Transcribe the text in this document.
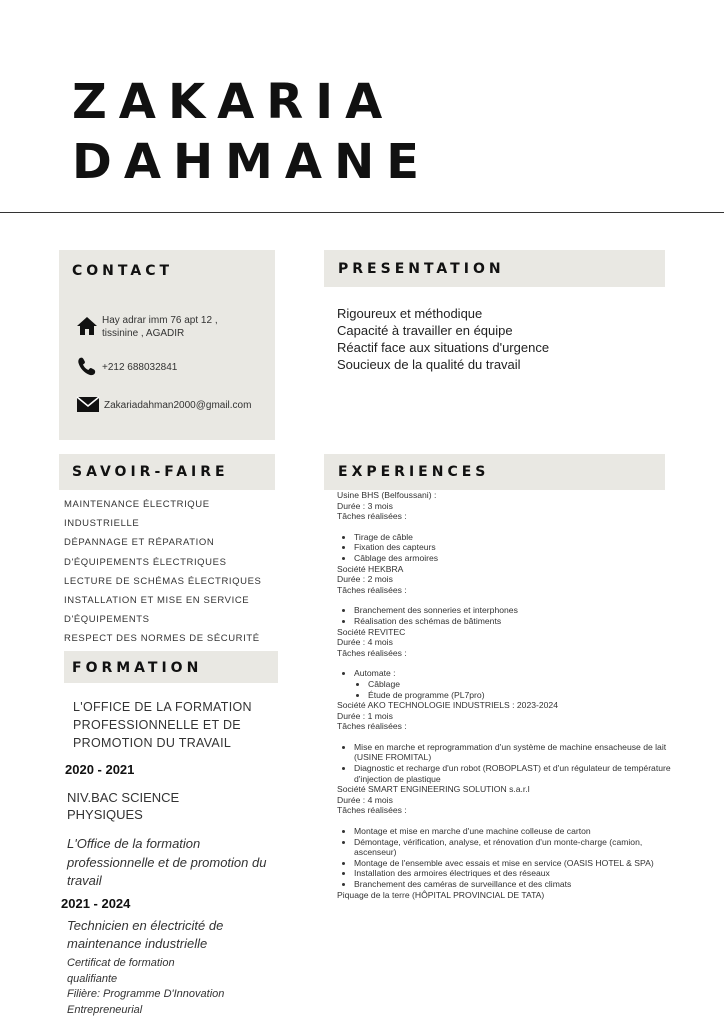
ZAKARIA DAHMANE
CONTACT
Hay adrar imm 76 apt 12 ,
tissinine , AGADIR
+212 688032841
Zakariadahman2000@gmail.com
PRESENTATION
Rigoureux et méthodique
Capacité à travailler en équipe
Réactif face aux situations d'urgence
Soucieux de la qualité du travail
SAVOIR-FAIRE
MAINTENANCE ÉLECTRIQUE
INDUSTRIELLE
DÉPANNAGE ET RÉPARATION
D'ÉQUIPEMENTS ÉLECTRIQUES
LECTURE DE SCHÉMAS ÉLECTRIQUES
INSTALLATION ET MISE EN SERVICE
D'ÉQUIPEMENTS
RESPECT DES NORMES DE SÉCURITÉ
FORMATION
L'OFFICE DE LA FORMATION
PROFESSIONNELLE ET DE
PROMOTION DU TRAVAIL
2020 - 2021
NIV.BAC SCIENCE
PHYSIQUES
L'Office de la formation
professionnelle et de promotion du
travail
2021 - 2024
Technicien en électricité de
maintenance industrielle
Certificat de formation
qualifiante
Filière: Programme D'Innovation
Entrepreneurial
EXPERIENCES
Usine BHS (Belfoussani) :
Durée : 3 mois
Tâches réalisées :
• Tirage de câble
• Fixation des capteurs
• Câblage des armoires
Société HEKBRA
Durée : 2 mois
Tâches réalisées :
• Branchement des sonneries et interphones
• Réalisation des schémas de bâtiments
Société REVITEC
Durée : 4 mois
Tâches réalisées :
• Automate :
• Câblage
• Étude de programme (PL7pro)
Société AKO TECHNOLOGIE INDUSTRIELS : 2023-2024
Durée : 1 mois
Tâches réalisées :
• Mise en marche et reprogrammation d'un système de machine ensacheuse de lait (USINE FROMITAL)
• Diagnostic et recharge d'un robot (ROBOPLAST) et d'un régulateur de température d'injection de plastique
Société SMART ENGINEERING SOLUTION s.a.r.l
Durée : 4 mois
Tâches réalisées :
• Montage et mise en marche d'une machine colleuse de carton
• Démontage, vérification, analyse, et rénovation d'un monte-charge (camion, ascenseur)
• Montage de l'ensemble avec essais et mise en service (OASIS HOTEL & SPA)
• Installation des armoires électriques et des réseaux
• Branchement des caméras de surveillance et des climats
Piquage de la terre (HÔPITAL PROVINCIAL DE TATA)
